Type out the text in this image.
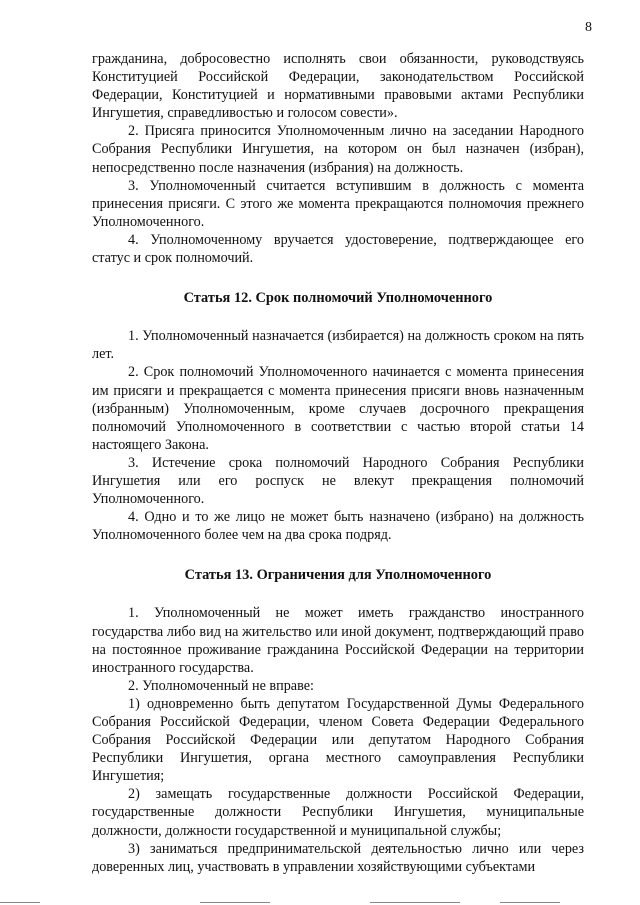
8

гражданина, добросовестно исполнять свои обязанности, руководствуясь Конституцией Российской Федерации, законодательством Российской Федерации, Конституцией и нормативными правовыми актами Республики Ингушетия, справедливостью и голосом совести».

2. Присяга приносится Уполномоченным лично на заседании Народного Собрания Республики Ингушетия, на котором он был назначен (избран), непосредственно после назначения (избрания) на должность.

3. Уполномоченный считается вступившим в должность с момента принесения присяги. С этого же момента прекращаются полномочия прежнего Уполномоченного.

4. Уполномоченному вручается удостоверение, подтверждающее его статус и срок полномочий.

Статья 12. Срок полномочий Уполномоченного

1. Уполномоченный назначается (избирается) на должность сроком на пять лет.

2. Срок полномочий Уполномоченного начинается с момента принесения им присяги и прекращается с момента принесения присяги вновь назначенным (избранным) Уполномоченным, кроме случаев досрочного прекращения полномочий Уполномоченного в соответствии с частью второй статьи 14 настоящего Закона.

3. Истечение срока полномочий Народного Собрания Республики Ингушетия или его роспуск не влекут прекращения полномочий Уполномоченного.

4. Одно и то же лицо не может быть назначено (избрано) на должность Уполномоченного более чем на два срока подряд.

Статья 13. Ограничения для Уполномоченного

1. Уполномоченный не может иметь гражданство иностранного государства либо вид на жительство или иной документ, подтверждающий право на постоянное проживание гражданина Российской Федерации на территории иностранного государства.

2. Уполномоченный не вправе:

1) одновременно быть депутатом Государственной Думы Федерального Собрания Российской Федерации, членом Совета Федерации Федерального Собрания Российской Федерации или депутатом Народного Собрания Республики Ингушетия, органа местного самоуправления Республики Ингушетия;

2) замещать государственные должности Российской Федерации, государственные должности Республики Ингушетия, муниципальные должности, должности государственной и муниципальной службы;

3) заниматься предпринимательской деятельностью лично или через доверенных лиц, участвовать в управлении хозяйствующими субъектами
